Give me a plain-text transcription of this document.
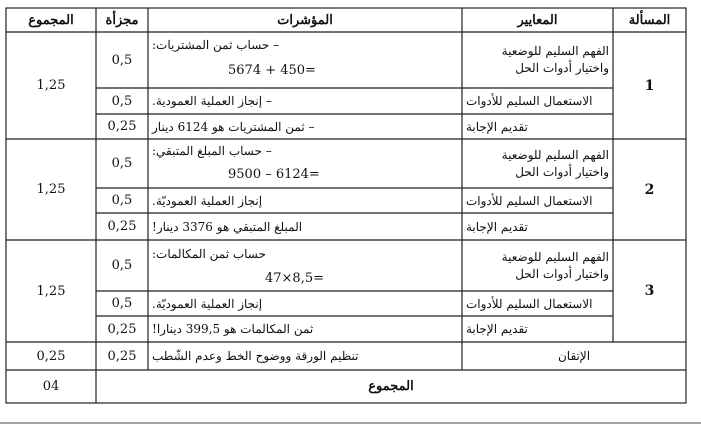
المسألة
المعايير
المؤشرات
مجزأة
المجموع
1
1,25
الفهم السليم للوضعية
واختيار أدوات الحل
– حساب ثمن المشتريات:
5674 + 450=
0,5
الاستعمال السليم للأدوات
– إنجاز العملية العمودية.
0,5
تقديم الإجابة
– ثمن المشتريات هو 6124 دينار
0,25
2
1,25
الفهم السليم للوضعية
واختيار أدوات الحل
– حساب المبلغ المتبقي:
9500 – 6124=
0,5
الاستعمال السليم للأدوات
إنجاز العملية العموديّة.
0,5
تقديم الإجابة
المبلغ المتبقي هو 3376 دينار!
0,25
3
1,25
الفهم السليم للوضعية
واختيار أدوات الحل
حساب ثمن المكالمات:
47×8,5=
0,5
الاستعمال السليم للأدوات
إنجاز العملية العموديّة.
0,5
تقديم الإجابة
ثمن المكالمات هو 399,5 دينارا!
0,25
الإتقان
تنظيم الورقة ووضوح الخط وعدم الشّطب
0,25
0,25
المجموع
04
